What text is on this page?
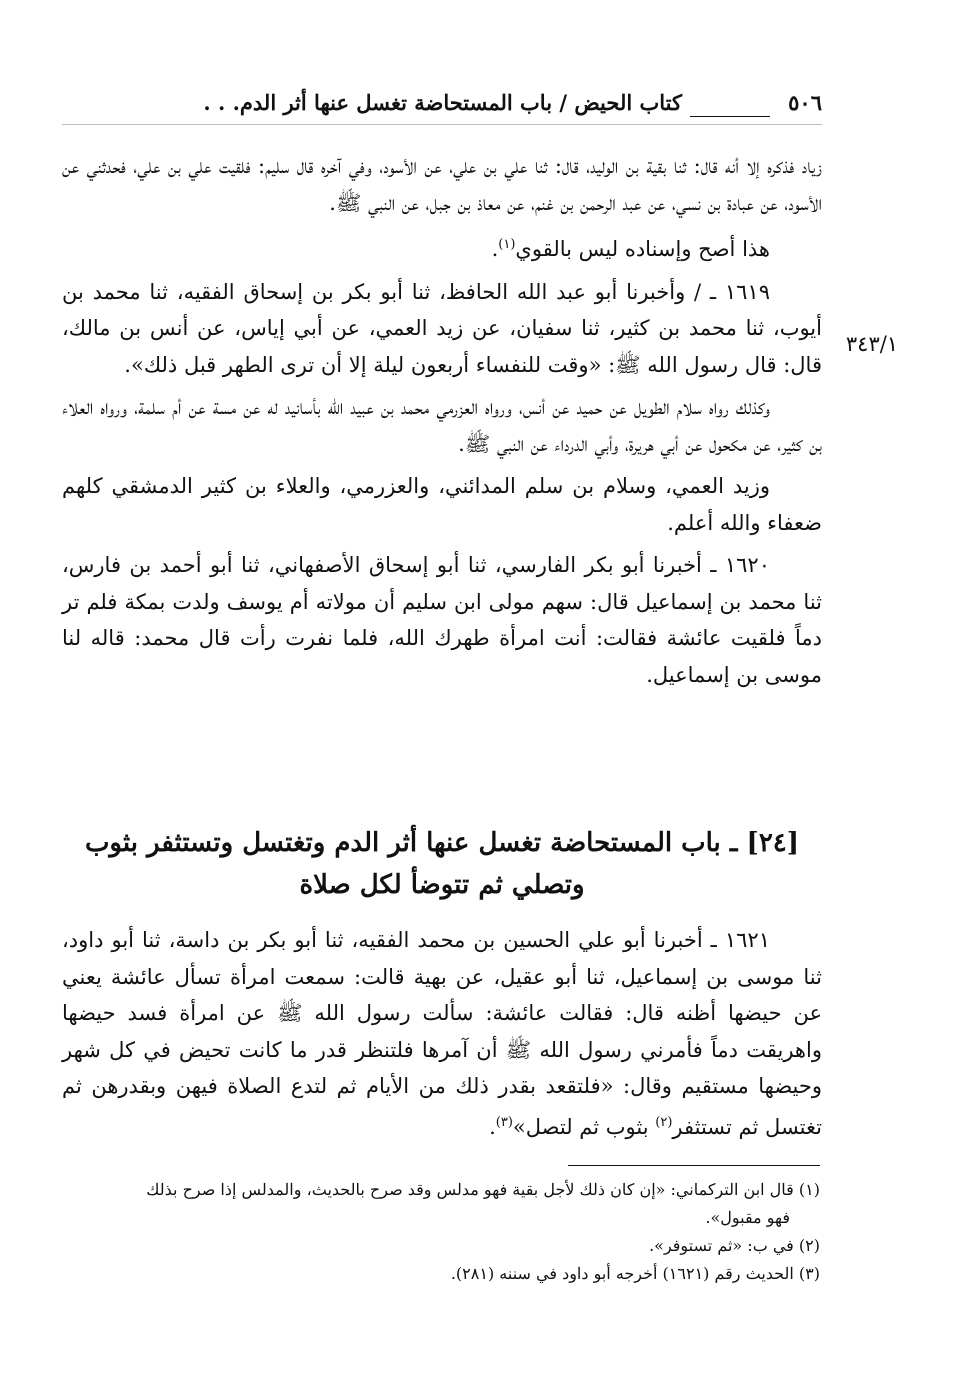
٥٠٦
كتاب الحيض / باب المستحاضة تغسل عنها أثر الدم. . .
٣٤٣/١

زياد فذكره إلا أنه قال: ثنا بقية بن الوليد، قال: ثنا علي بن علي، عن الأسود، وفي آخره قال سليم: فلقيت علي بن علي، فحدثني عن الأسود، عن عبادة بن نسي، عن عبد الرحمن بن غنم، عن معاذ بن جبل، عن النبي ﷺ.

هذا أصح وإسناده ليس بالقوي$^{(١)}$.

١٦١٩ ـ / وأخبرنا أبو عبد الله الحافظ، ثنا أبو بكر بن إسحاق الفقيه، ثنا محمد بن أيوب، ثنا محمد بن كثير، ثنا سفيان، عن زيد العمي، عن أبي إياس، عن أنس بن مالك، قال: قال رسول الله ﷺ: «وقت للنفساء أربعون ليلة إلا أن ترى الطهر قبل ذلك».

وكذلك رواه سلام الطويل عن حميد عن أنس، ورواه العزرمي محمد بن عبيد الله بأسانيد له عن مسة عن أم سلمة، ورواه العلاء بن كثير، عن مكحول عن أبي هريرة، وأبي الدرداء عن النبي ﷺ.

وزيد العمي، وسلام بن سلم المدائني، والعزرمي، والعلاء بن كثير الدمشقي كلهم ضعفاء والله أعلم.

١٦٢٠ ـ أخبرنا أبو بكر الفارسي، ثنا أبو إسحاق الأصفهاني، ثنا أبو أحمد بن فارس، ثنا محمد بن إسماعيل قال: سهم مولى ابن سليم أن مولاته أم يوسف ولدت بمكة فلم تر دماً فلقيت عائشة فقالت: أنت امرأة طهرك الله، فلما نفرت رأت قال محمد: قاله لنا موسى بن إسماعيل.

[٢٤] ـ باب المستحاضة تغسل عنها أثر الدم وتغتسل وتستثفر بثوب وتصلي ثم تتوضأ لكل صلاة

١٦٢١ ـ أخبرنا أبو علي الحسين بن محمد الفقيه، ثنا أبو بكر بن داسة، ثنا أبو داود، ثنا موسى بن إسماعيل، ثنا أبو عقيل، عن بهية قالت: سمعت امرأة تسأل عائشة يعني عن حيضها أظنه قال: فقالت عائشة: سألت رسول الله ﷺ عن امرأة فسد حيضها واهريقت دماً فأمرني رسول الله ﷺ أن آمرها فلتنظر قدر ما كانت تحيض في كل شهر وحيضها مستقيم وقال: «فلتقعد بقدر ذلك من الأيام ثم لتدع الصلاة فيهن وبقدرهن ثم تغتسل ثم تستثفر$^{(٢)}$ بثوب ثم لتصل»$^{(٣)}$.

(١) قال ابن التركماني: «إن كان ذلك لأجل بقية فهو مدلس وقد صرح بالحديث، والمدلس إذا صرح بذلك

فهو مقبول».

(٢) في ب: «ثم تستوفر».

(٣) الحديث رقم (١٦٢١) أخرجه أبو داود في سننه (٢٨١).
